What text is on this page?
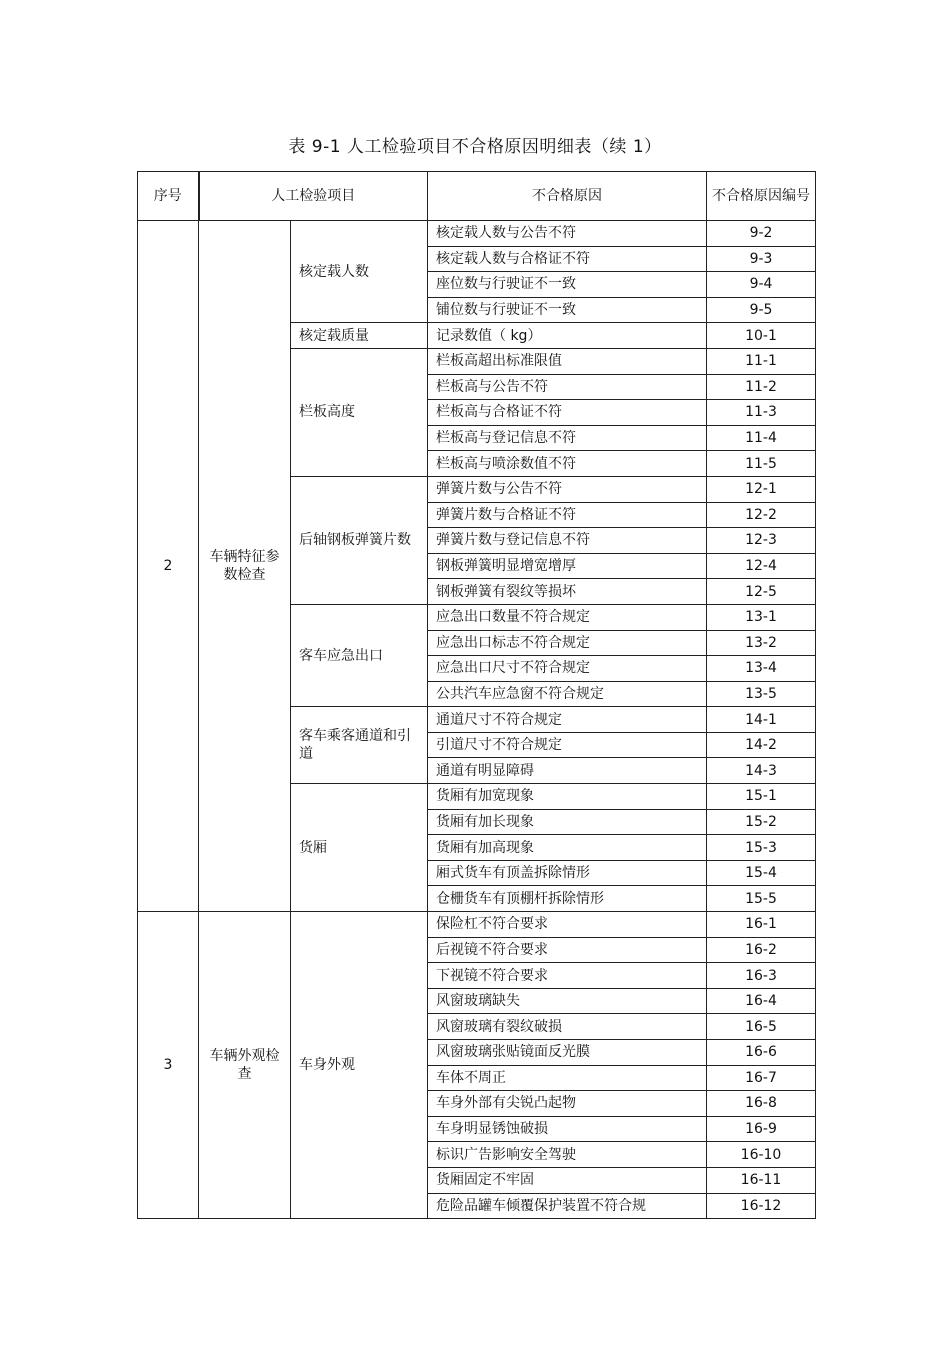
表 9-1 人工检验项目不合格原因明细表（续 1）
序号	人工检验项目		不合格原因	不合格原因编号
2	车辆特征参数检查	核定载人数	核定载人数与公告不符	9-2
			核定载人数与合格证不符	9-3
			座位数与行驶证不一致	9-4
			铺位数与行驶证不一致	9-5
		核定载质量	记录数值（ kg）	10-1
		栏板高度	栏板高超出标准限值	11-1
			栏板高与公告不符	11-2
			栏板高与合格证不符	11-3
			栏板高与登记信息不符	11-4
			栏板高与喷涂数值不符	11-5
		后轴钢板弹簧片数	弹簧片数与公告不符	12-1
			弹簧片数与合格证不符	12-2
			弹簧片数与登记信息不符	12-3
			钢板弹簧明显增宽增厚	12-4
			钢板弹簧有裂纹等损坏	12-5
		客车应急出口	应急出口数量不符合规定	13-1
			应急出口标志不符合规定	13-2
			应急出口尺寸不符合规定	13-4
			公共汽车应急窗不符合规定	13-5
		客车乘客通道和引道	通道尺寸不符合规定	14-1
			引道尺寸不符合规定	14-2
			通道有明显障碍	14-3
		货厢	货厢有加宽现象	15-1
			货厢有加长现象	15-2
			货厢有加高现象	15-3
			厢式货车有顶盖拆除情形	15-4
			仓栅货车有顶棚杆拆除情形	15-5
3	车辆外观检查	车身外观	保险杠不符合要求	16-1
			后视镜不符合要求	16-2
			下视镜不符合要求	16-3
			风窗玻璃缺失	16-4
			风窗玻璃有裂纹破损	16-5
			风窗玻璃张贴镜面反光膜	16-6
			车体不周正	16-7
			车身外部有尖锐凸起物	16-8
			车身明显锈蚀破损	16-9
			标识广告影响安全驾驶	16-10
			货厢固定不牢固	16-11
			危险品罐车倾覆保护装置不符合规	16-12
